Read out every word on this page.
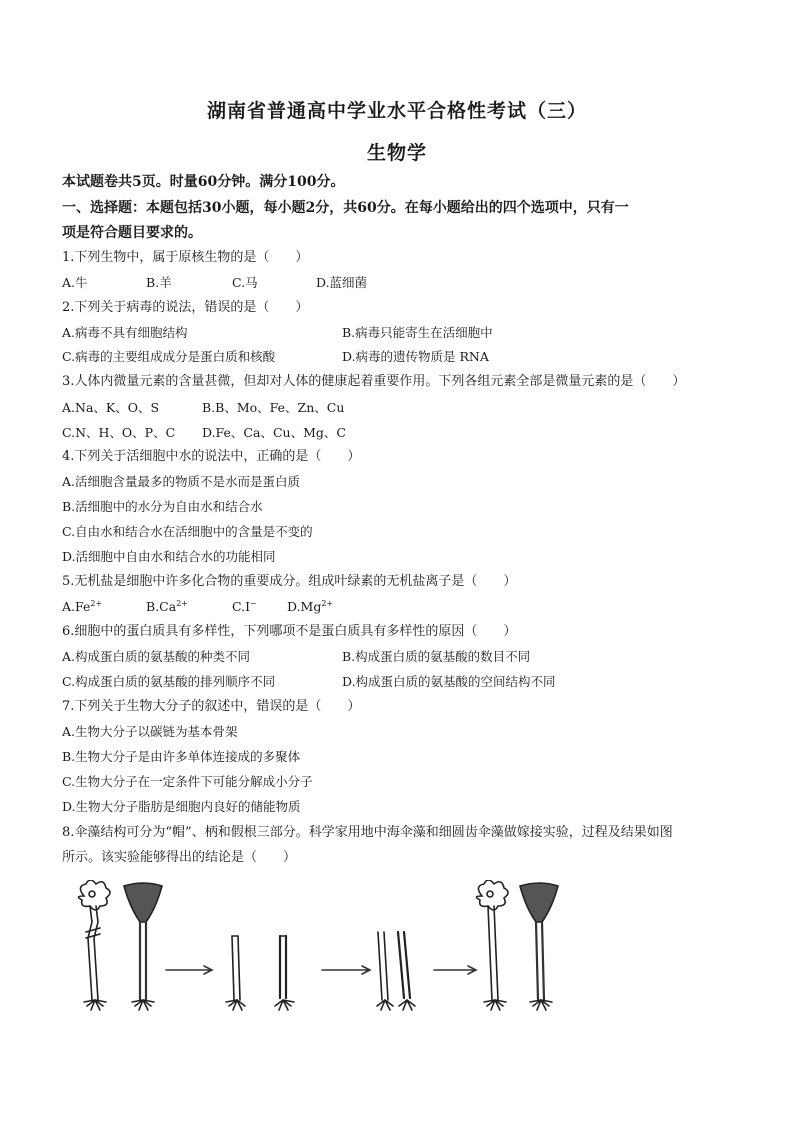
湖南省普通高中学业水平合格性考试（三）
生物学
本试题卷共5页。时量60分钟。满分100分。
一、选择题：本题包括30小题，每小题2分，共60分。在每小题给出的四个选项中，只有一
项是符合题目要求的。
1.下列生物中，属于原核生物的是（　　）
A.牛	B.羊	C.马	D.蓝细菌
2.下列关于病毒的说法，错误的是（　　）
A.病毒不具有细胞结构	B.病毒只能寄生在活细胞中
C.病毒的主要组成成分是蛋白质和核酸	D.病毒的遗传物质是 RNA
3.人体内微量元素的含量甚微，但却对人体的健康起着重要作用。下列各组元素全部是微量元素的是（　　）
A.Na、K、O、S	B.B、Mo、Fe、Zn、Cu
C.N、H、O、P、C D.Fe、Ca、Cu、Mg、C
4.下列关于活细胞中水的说法中，正确的是（　　）
A.活细胞含量最多的物质不是水而是蛋白质
B.活细胞中的水分为自由水和结合水
C.自由水和结合水在活细胞中的含量是不变的
D.活细胞中自由水和结合水的功能相同
5.无机盐是细胞中许多化合物的重要成分。组成叶绿素的无机盐离子是（　　）
$A.Fe^{2+}$	$B.Ca^{2+}$	C.I− $D.Mg^{2+}$
6.细胞中的蛋白质具有多样性，下列哪项不是蛋白质具有多样性的原因（　　）
A.构成蛋白质的氨基酸的种类不同	B.构成蛋白质的氨基酸的数目不同
C.构成蛋白质的氨基酸的排列顺序不同	D.构成蛋白质的氨基酸的空间结构不同
7.下列关于生物大分子的叙述中，错误的是（　　）
A.生物大分子以碳链为基本骨架
B.生物大分子是由许多单体连接成的多聚体
C.生物大分子在一定条件下可能分解成小分子
D.生物大分子脂肪是细胞内良好的储能物质
8.伞藻结构可分为“帽”、柄和假根三部分。科学家用地中海伞藻和细圆齿伞藻做嫁接实验，过程及结果如图
所示。该实验能够得出的结论是（　　）
